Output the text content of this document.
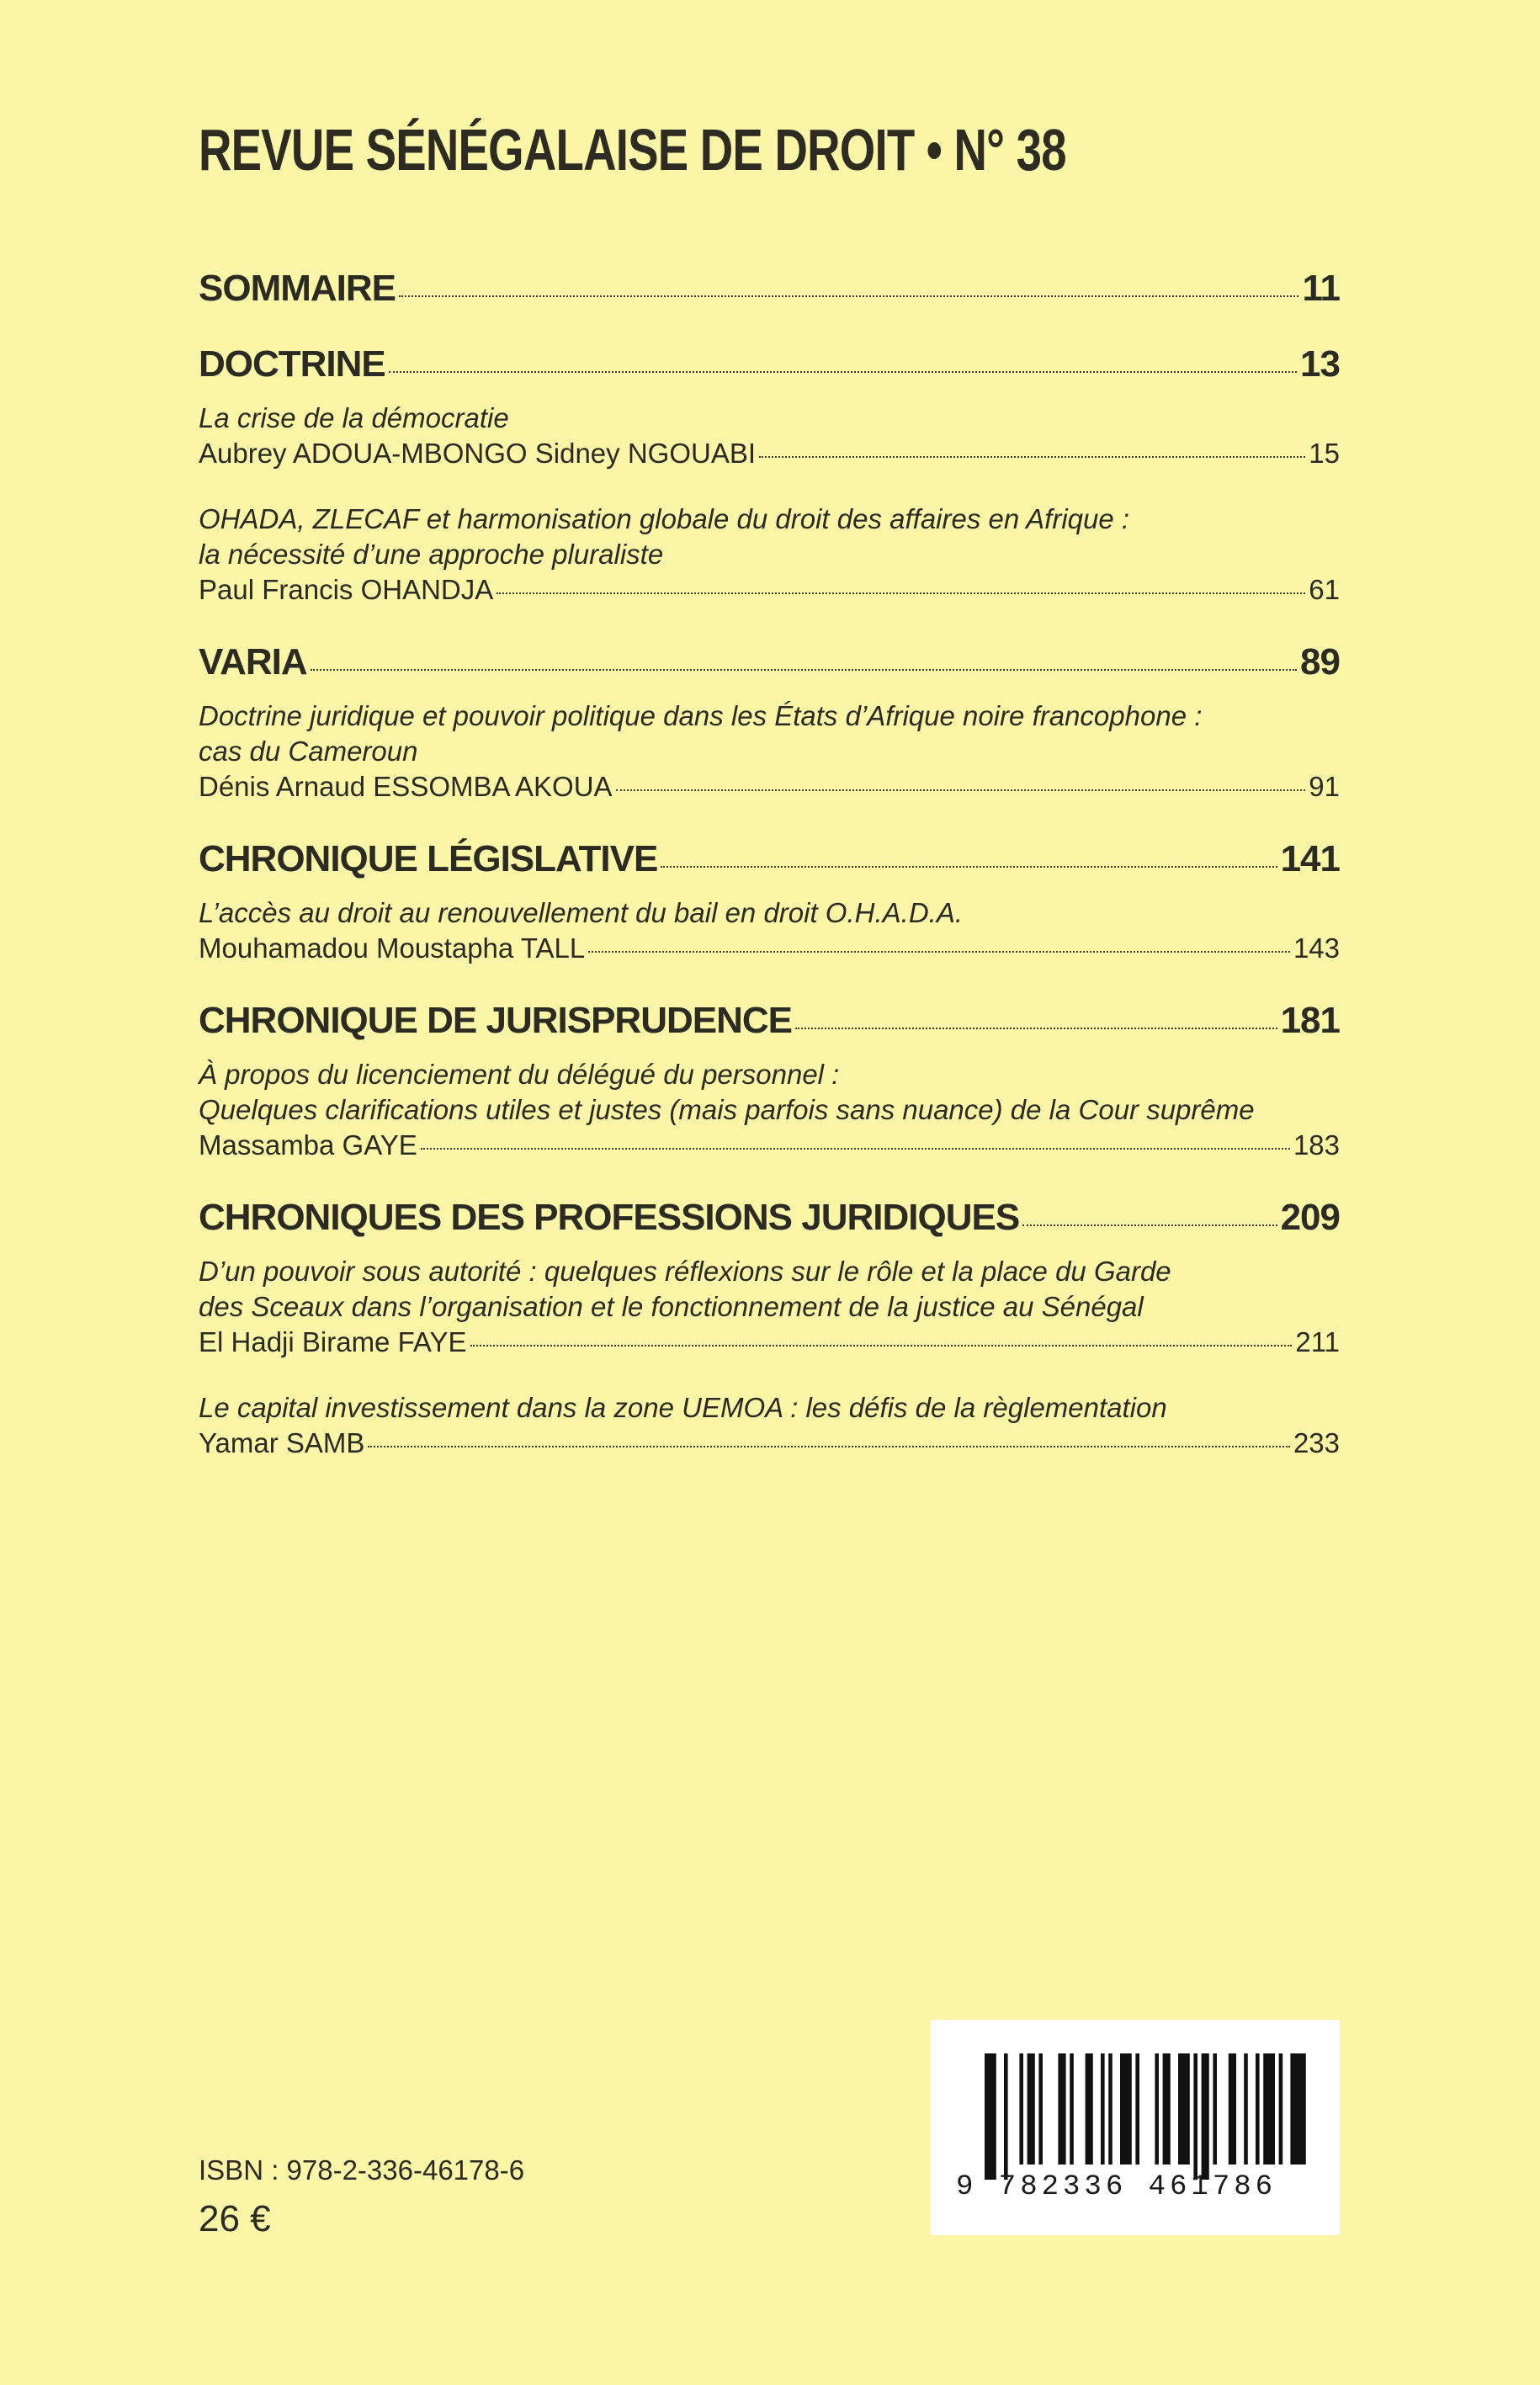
REVUE SÉNÉGALAISE DE DROIT • N° 38
SOMMAIRE	11
DOCTRINE	13
La crise de la démocratie
Aubrey ADOUA-MBONGO Sidney NGOUABI	15
OHADA, ZLECAF et harmonisation globale du droit des affaires en Afrique :
la nécessité d’une approche pluraliste
Paul Francis OHANDJA	61
VARIA	89
Doctrine juridique et pouvoir politique dans les États d’Afrique noire francophone :
cas du Cameroun
Dénis Arnaud ESSOMBA AKOUA	91
CHRONIQUE LÉGISLATIVE	141
L’accès au droit au renouvellement du bail en droit O.H.A.D.A.
Mouhamadou Moustapha TALL	143
CHRONIQUE DE JURISPRUDENCE	181
À propos du licenciement du délégué du personnel :
Quelques clarifications utiles et justes (mais parfois sans nuance) de la Cour suprême
Massamba GAYE	183
CHRONIQUES DES PROFESSIONS JURIDIQUES	209
D’un pouvoir sous autorité : quelques réflexions sur le rôle et la place du Garde
des Sceaux dans l’organisation et le fonctionnement de la justice au Sénégal
El Hadji Birame FAYE	211
Le capital investissement dans la zone UEMOA : les défis de la règlementation
Yamar SAMB	233
9 782336 461786
ISBN : 978-2-336-46178-6
26 €
